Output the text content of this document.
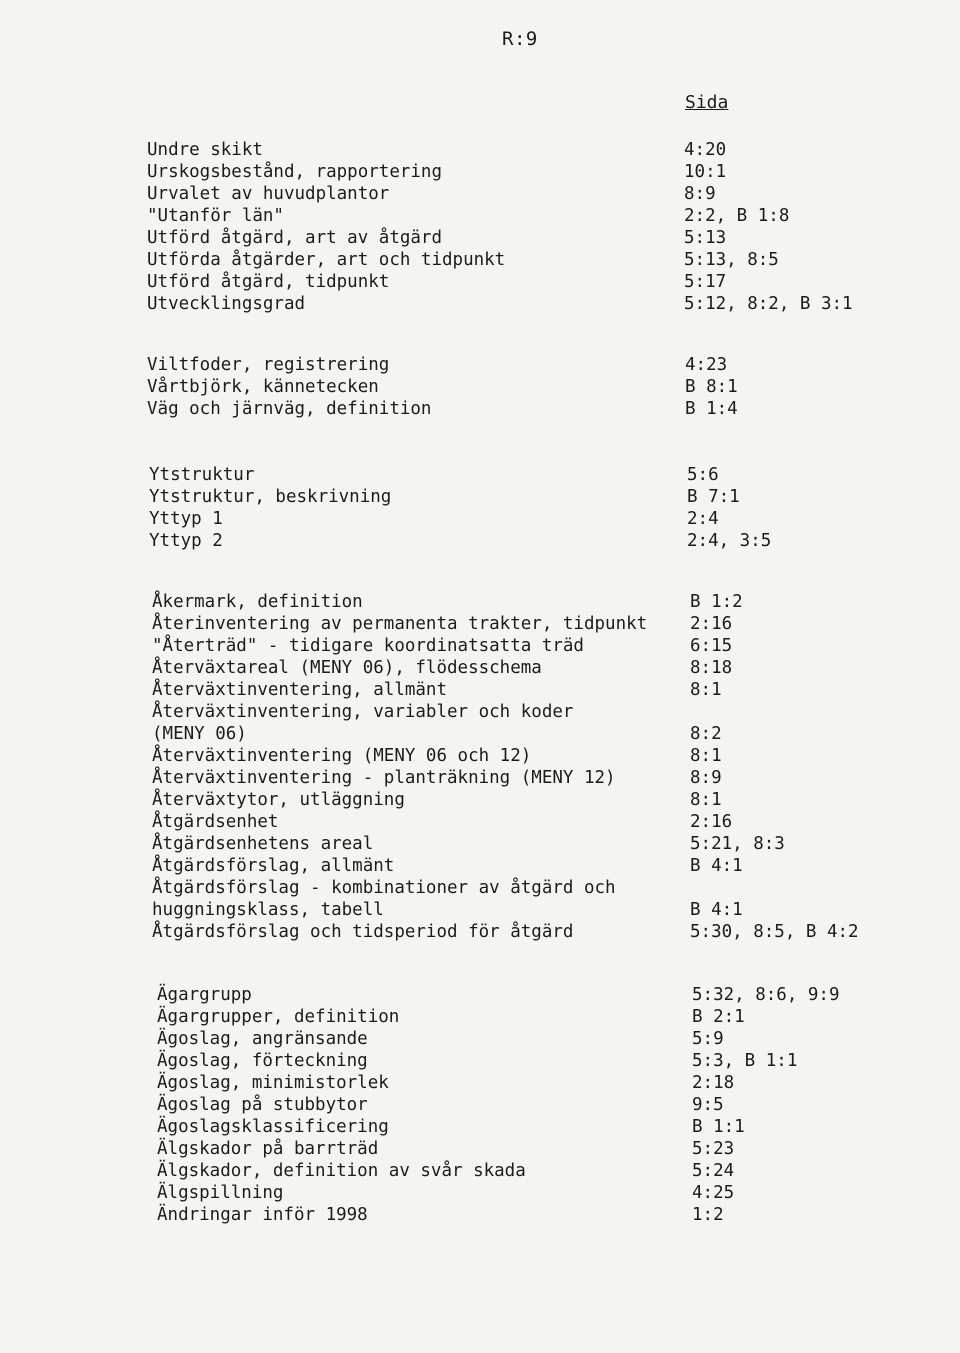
R:9
Sida
Undre skikt	4:20
Urskogsbestånd, rapportering	10:1
Urvalet av huvudplantor	8:9
"Utanför län"	2:2, B 1:8
Utförd åtgärd, art av åtgärd	5:13
Utförda åtgärder, art och tidpunkt	5:13, 8:5
Utförd åtgärd, tidpunkt	5:17
Utvecklingsgrad	5:12, 8:2, B 3:1
Viltfoder, registrering	4:23
Vårtbjörk, kännetecken	B 8:1
Väg och järnväg, definition	B 1:4
Ytstruktur	5:6
Ytstruktur, beskrivning	B 7:1
Yttyp 1	2:4
Yttyp 2	2:4, 3:5
Åkermark, definition	B 1:2
Återinventering av permanenta trakter, tidpunkt 2:16
"Återträd" - tidigare koordinatsatta träd	6:15
Återväxtareal (MENY 06), flödesschema	8:18
Återväxtinventering, allmänt	8:1
Återväxtinventering, variabler och koder
(MENY 06)	8:2
Återväxtinventering (MENY 06 och 12)	8:1
Återväxtinventering - planträkning (MENY 12)	8:9
Återväxtytor, utläggning	8:1
Åtgärdsenhet	2:16
Åtgärdsenhetens areal	5:21, 8:3
Åtgärdsförslag, allmänt	B 4:1
Åtgärdsförslag - kombinationer av åtgärd och
huggningsklass, tabell	B 4:1
Åtgärdsförslag och tidsperiod för åtgärd	5:30, 8:5, B 4:2
Ägargrupp	5:32, 8:6, 9:9
Ägargrupper, definition	B 2:1
Ägoslag, angränsande	5:9
Ägoslag, förteckning	5:3, B 1:1
Ägoslag, minimistorlek	2:18
Ägoslag på stubbytor	9:5
Ägoslagsklassificering	B 1:1
Älgskador på barrträd	5:23
Älgskador, definition av svår skada	5:24
Älgspillning	4:25
Ändringar inför 1998	1:2
